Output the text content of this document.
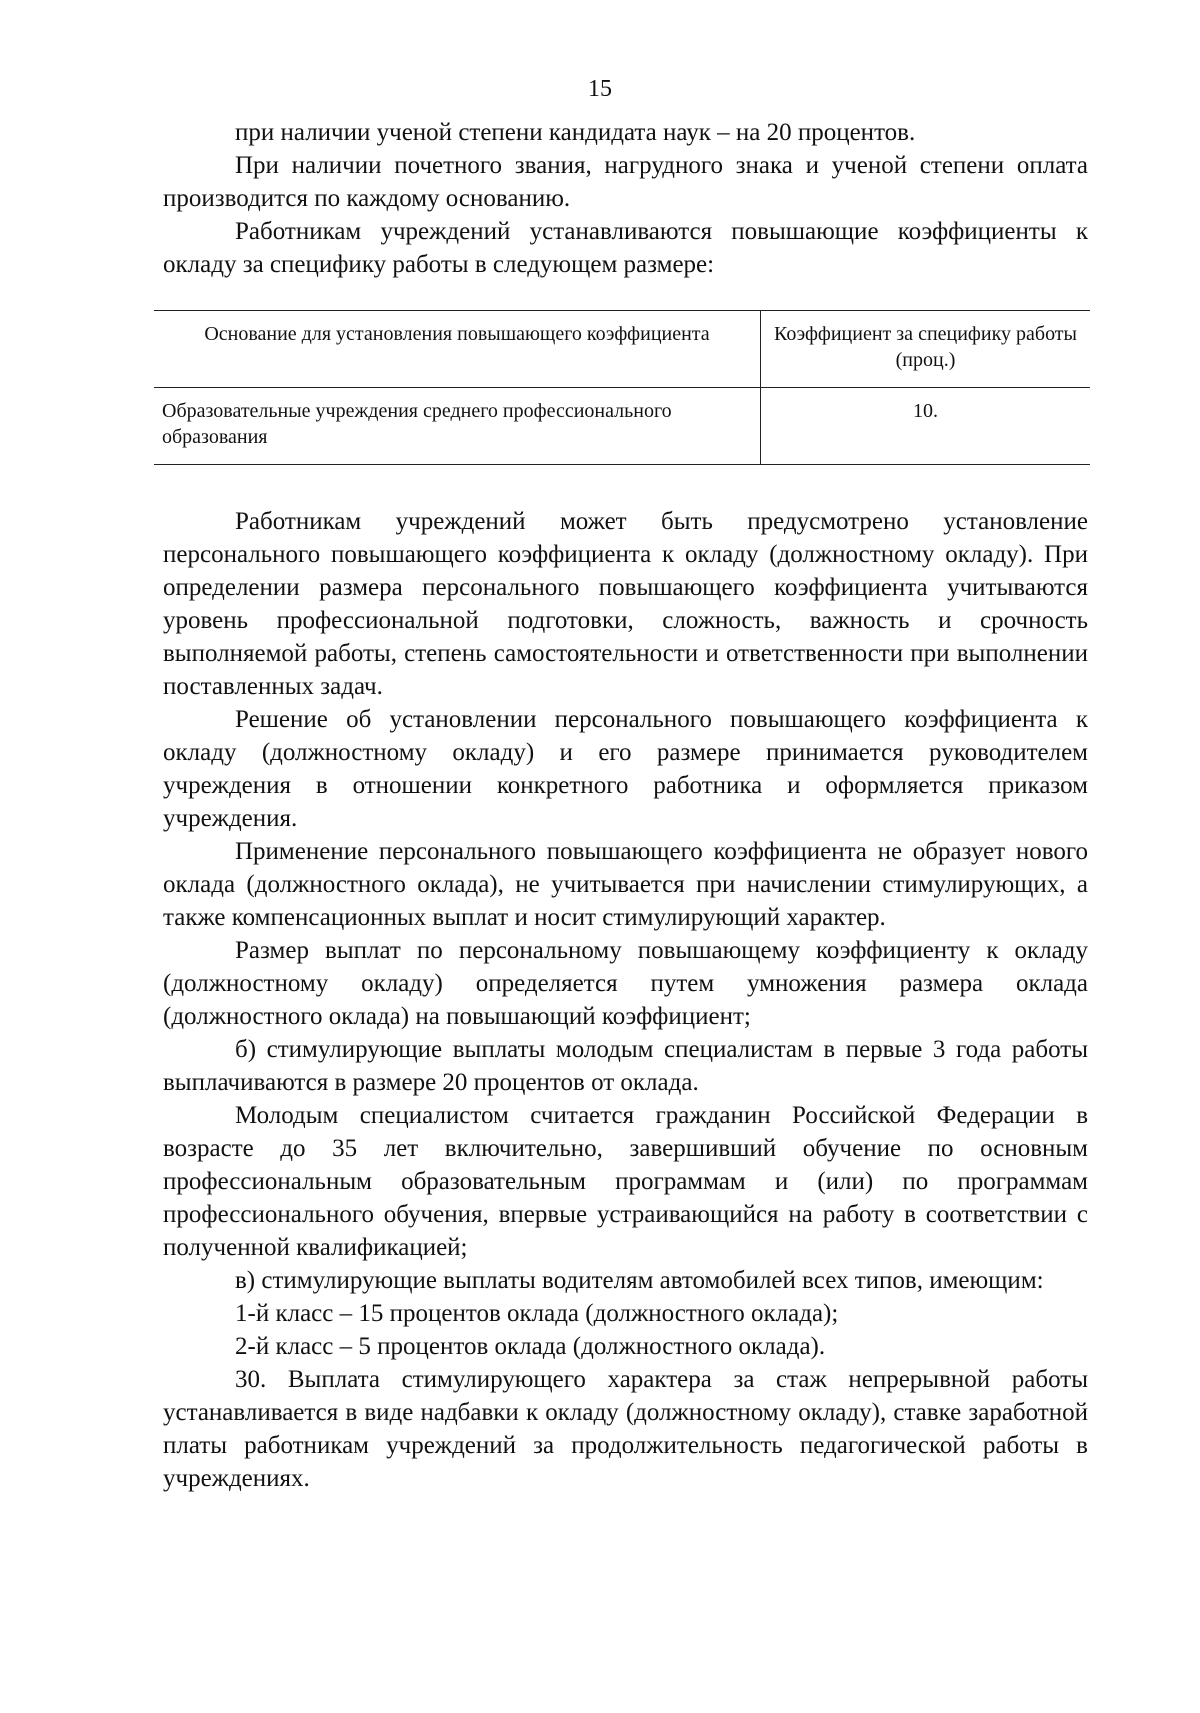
15

при наличии ученой степени кандидата наук – на 20 процентов.

При наличии почетного звания, нагрудного знака и ученой степени оплата производится по каждому основанию.

Работникам учреждений устанавливаются повышающие коэффициенты к окладу за специфику работы в следующем размере:

Основание для установления повышающего коэффициента	Коэффициент за специфику работы (проц.)
Образовательные учреждения среднего профессионального образования	10.

Работникам учреждений может быть предусмотрено установление персонального повышающего коэффициента к окладу (должностному окладу). При определении размера персонального повышающего коэффициента учитываются уровень профессиональной подготовки, сложность, важность и срочность выполняемой работы, степень самостоятельности и ответственности при выполнении поставленных задач.

Решение об установлении персонального повышающего коэффициента к окладу (должностному окладу) и его размере принимается руководителем учреждения в отношении конкретного работника и оформляется приказом учреждения.

Применение персонального повышающего коэффициента не образует нового оклада (должностного оклада), не учитывается при начислении стимулирующих, а также компенсационных выплат и носит стимулирующий характер.

Размер выплат по персональному повышающему коэффициенту к окладу (должностному окладу) определяется путем умножения размера оклада (должностного оклада) на повышающий коэффициент;

б) стимулирующие выплаты молодым специалистам в первые 3 года работы выплачиваются в размере 20 процентов от оклада.

Молодым специалистом считается гражданин Российской Федерации в возрасте до 35 лет включительно, завершивший обучение по основным профессиональным образовательным программам и (или) по программам профессионального обучения, впервые устраивающийся на работу в соответствии с полученной квалификацией;

в) стимулирующие выплаты водителям автомобилей всех типов, имеющим:

1-й класс – 15 процентов оклада (должностного оклада);

2-й класс – 5 процентов оклада (должностного оклада).

30. Выплата стимулирующего характера за стаж непрерывной работы устанавливается в виде надбавки к окладу (должностному окладу), ставке заработной платы работникам учреждений за продолжительность педагогической работы в учреждениях.
